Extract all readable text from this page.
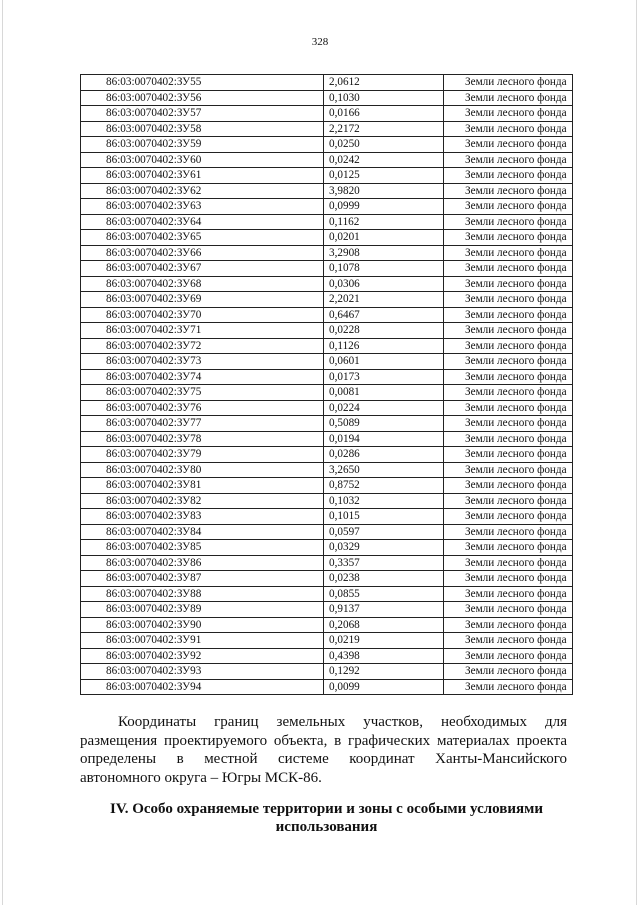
328
86:03:0070402:ЗУ55	2,0612	Земли лесного фонда
86:03:0070402:ЗУ56	0,1030	Земли лесного фонда
86:03:0070402:ЗУ57	0,0166	Земли лесного фонда
86:03:0070402:ЗУ58	2,2172	Земли лесного фонда
86:03:0070402:ЗУ59	0,0250	Земли лесного фонда
86:03:0070402:ЗУ60	0,0242	Земли лесного фонда
86:03:0070402:ЗУ61	0,0125	Земли лесного фонда
86:03:0070402:ЗУ62	3,9820	Земли лесного фонда
86:03:0070402:ЗУ63	0,0999	Земли лесного фонда
86:03:0070402:ЗУ64	0,1162	Земли лесного фонда
86:03:0070402:ЗУ65	0,0201	Земли лесного фонда
86:03:0070402:ЗУ66	3,2908	Земли лесного фонда
86:03:0070402:ЗУ67	0,1078	Земли лесного фонда
86:03:0070402:ЗУ68	0,0306	Земли лесного фонда
86:03:0070402:ЗУ69	2,2021	Земли лесного фонда
86:03:0070402:ЗУ70	0,6467	Земли лесного фонда
86:03:0070402:ЗУ71	0,0228	Земли лесного фонда
86:03:0070402:ЗУ72	0,1126	Земли лесного фонда
86:03:0070402:ЗУ73	0,0601	Земли лесного фонда
86:03:0070402:ЗУ74	0,0173	Земли лесного фонда
86:03:0070402:ЗУ75	0,0081	Земли лесного фонда
86:03:0070402:ЗУ76	0,0224	Земли лесного фонда
86:03:0070402:ЗУ77	0,5089	Земли лесного фонда
86:03:0070402:ЗУ78	0,0194	Земли лесного фонда
86:03:0070402:ЗУ79	0,0286	Земли лесного фонда
86:03:0070402:ЗУ80	3,2650	Земли лесного фонда
86:03:0070402:ЗУ81	0,8752	Земли лесного фонда
86:03:0070402:ЗУ82	0,1032	Земли лесного фонда
86:03:0070402:ЗУ83	0,1015	Земли лесного фонда
86:03:0070402:ЗУ84	0,0597	Земли лесного фонда
86:03:0070402:ЗУ85	0,0329	Земли лесного фонда
86:03:0070402:ЗУ86	0,3357	Земли лесного фонда
86:03:0070402:ЗУ87	0,0238	Земли лесного фонда
86:03:0070402:ЗУ88	0,0855	Земли лесного фонда
86:03:0070402:ЗУ89	0,9137	Земли лесного фонда
86:03:0070402:ЗУ90	0,2068	Земли лесного фонда
86:03:0070402:ЗУ91	0,0219	Земли лесного фонда
86:03:0070402:ЗУ92	0,4398	Земли лесного фонда
86:03:0070402:ЗУ93	0,1292	Земли лесного фонда
86:03:0070402:ЗУ94	0,0099	Земли лесного фонда

Координаты границ земельных участков, необходимых для размещения проектируемого объекта, в графических материалах проекта определены в местной системе координат Ханты-Мансийского автономного округа – Югры МСК-86.

IV. Особо охраняемые территории и зоны с особыми условиями
использования
